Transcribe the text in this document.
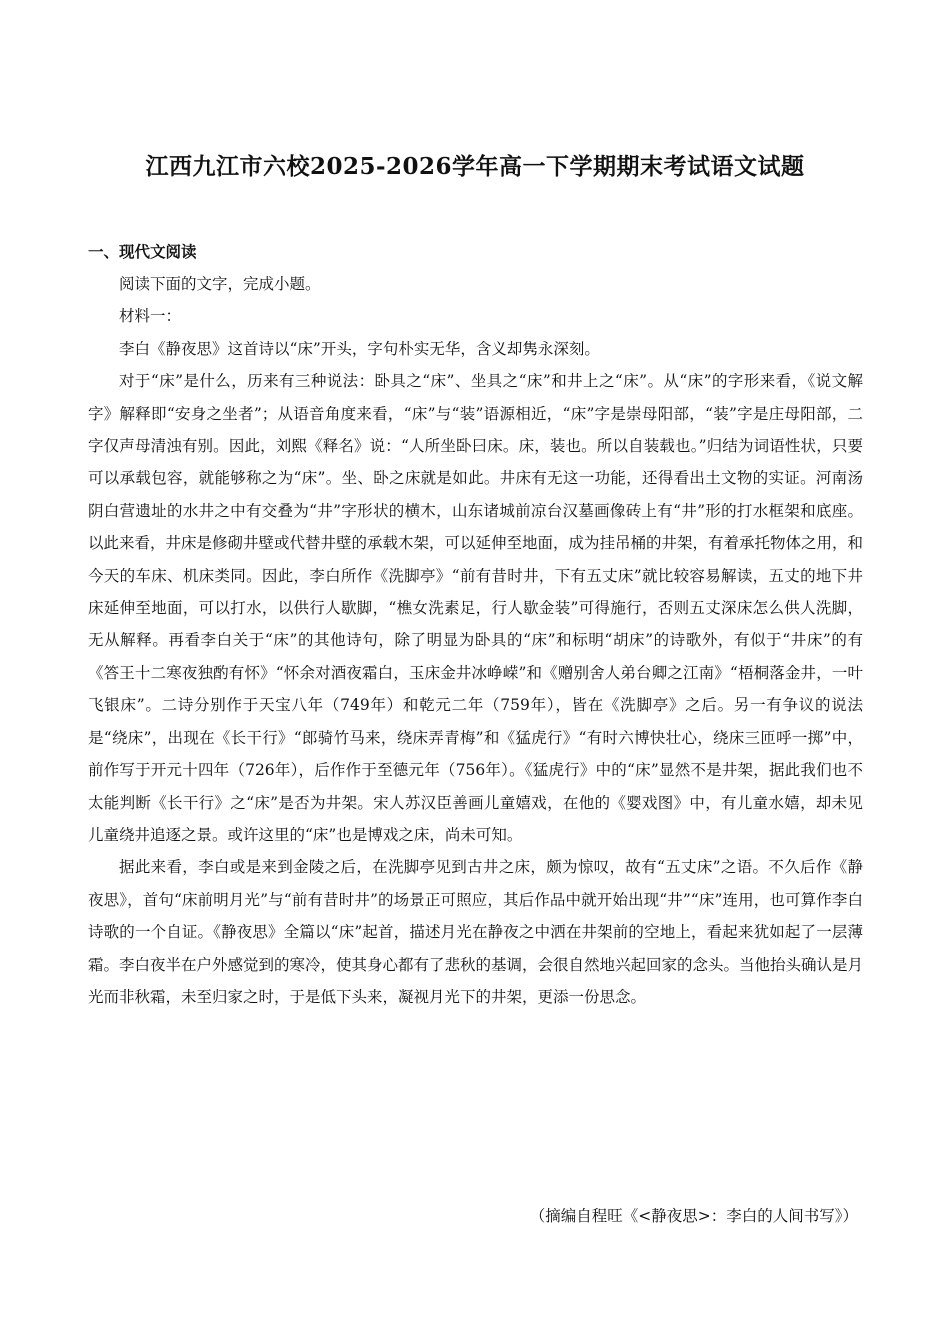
江西九江市六校2025-2026学年高一下学期期末考试语文试题
一、现代文阅读

阅读下面的文字，完成小题。

材料一：

李白《静夜思》这首诗以“床”开头，字句朴实无华，含义却隽永深刻。

对于“床”是什么，历来有三种说法：卧具之“床”、坐具之“床”和井上之“床”。从“床”的字形来看，《说文解字》解释即“安身之坐者”；从语音角度来看，“床”与“装”语源相近，“床”字是崇母阳部，“装”字是庄母阳部，二字仅声母清浊有别。因此，刘熙《释名》说：“人所坐卧曰床。床，装也。所以自装载也。”归结为词语性状，只要可以承载包容，就能够称之为“床”。坐、卧之床就是如此。井床有无这一功能，还得看出土文物的实证。河南汤阴白营遗址的水井之中有交叠为“井”字形状的横木，山东诸城前凉台汉墓画像砖上有“井”形的打水框架和底座。以此来看，井床是修砌井壁或代替井壁的承载木架，可以延伸至地面，成为挂吊桶的井架，有着承托物体之用，和今天的车床、机床类同。因此，李白所作《洗脚亭》“前有昔时井，下有五丈床”就比较容易解读，五丈的地下井床延伸至地面，可以打水，以供行人歇脚，“樵女洗素足，行人歇金装”可得施行，否则五丈深床怎么供人洗脚，无从解释。再看李白关于“床”的其他诗句，除了明显为卧具的“床”和标明“胡床”的诗歌外，有似于“井床”的有《答王十二寒夜独酌有怀》“怀余对酒夜霜白，玉床金井冰峥嵘”和《赠别舍人弟台卿之江南》“梧桐落金井，一叶飞银床”。二诗分别作于天宝八年（749年）和乾元二年（759年），皆在《洗脚亭》之后。另一有争议的说法是“绕床”，出现在《长干行》“郎骑竹马来，绕床弄青梅”和《猛虎行》“有时六博快壮心，绕床三匝呼一掷”中，前作写于开元十四年（726年），后作作于至德元年（756年）。《猛虎行》中的“床”显然不是井架，据此我们也不太能判断《长干行》之“床”是否为井架。宋人苏汉臣善画儿童嬉戏，在他的《婴戏图》中，有儿童水嬉，却未见儿童绕井追逐之景。或许这里的“床”也是博戏之床，尚未可知。

据此来看，李白或是来到金陵之后，在洗脚亭见到古井之床，颇为惊叹，故有“五丈床”之语。不久后作《静夜思》，首句“床前明月光”与“前有昔时井”的场景正可照应，其后作品中就开始出现“井”“床”连用，也可算作李白诗歌的一个自证。《静夜思》全篇以“床”起首，描述月光在静夜之中洒在井架前的空地上，看起来犹如起了一层薄霜。李白夜半在户外感觉到的寒冷，使其身心都有了悲秋的基调，会很自然地兴起回家的念头。当他抬头确认是月光而非秋霜，未至归家之时，于是低下头来，凝视月光下的井架，更添一份思念。

（摘编自程旺《<静夜思>：李白的人间书写》）
